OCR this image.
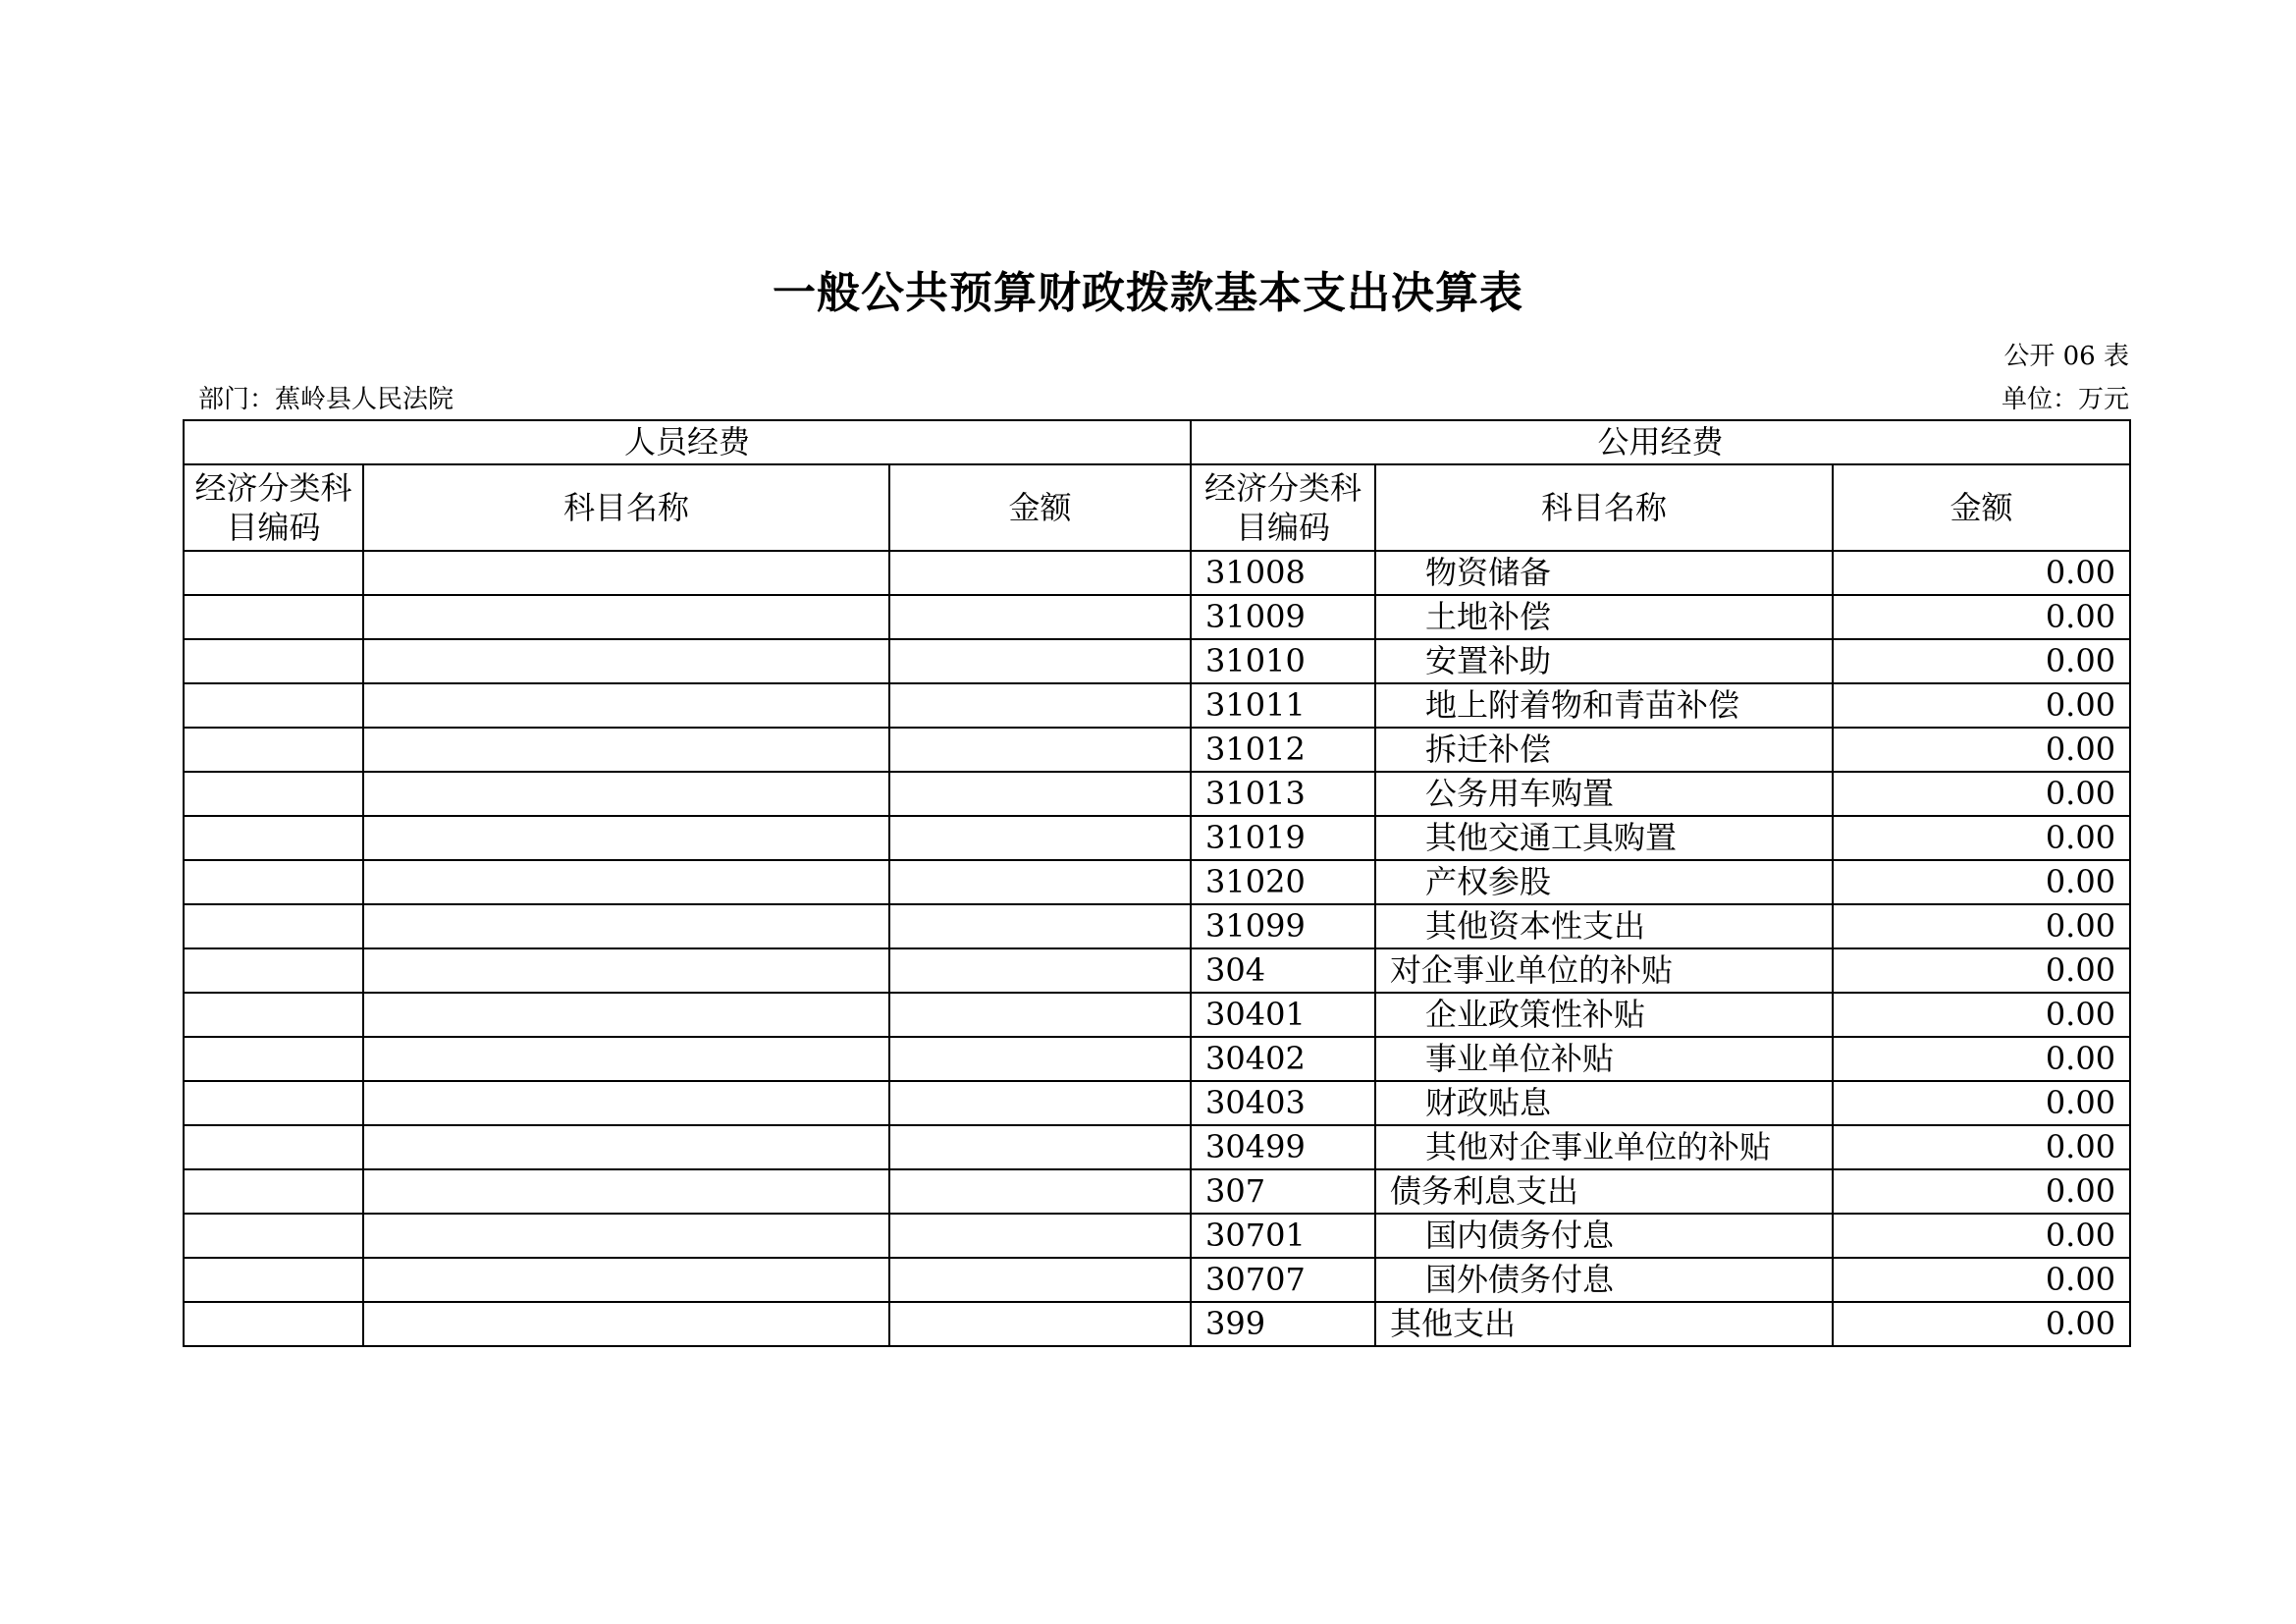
一般公共预算财政拨款基本支出决算表
公开 06 表
部门：蕉岭县人民法院	单位：万元
人员经费			公用经费		
经济分类科目编码	科目名称	金额	经济分类科目编码	科目名称	金额
			31008	物资储备	0.00
			31009	土地补偿	0.00
			31010	安置补助	0.00
			31011	地上附着物和青苗补偿	0.00
			31012	拆迁补偿	0.00
			31013	公务用车购置	0.00
			31019	其他交通工具购置	0.00
			31020	产权参股	0.00
			31099	其他资本性支出	0.00
			304	对企事业单位的补贴	0.00
			30401	企业政策性补贴	0.00
			30402	事业单位补贴	0.00
			30403	财政贴息	0.00
			30499	其他对企事业单位的补贴	0.00
			307	债务利息支出	0.00
			30701	国内债务付息	0.00
			30707	国外债务付息	0.00
			399	其他支出	0.00
